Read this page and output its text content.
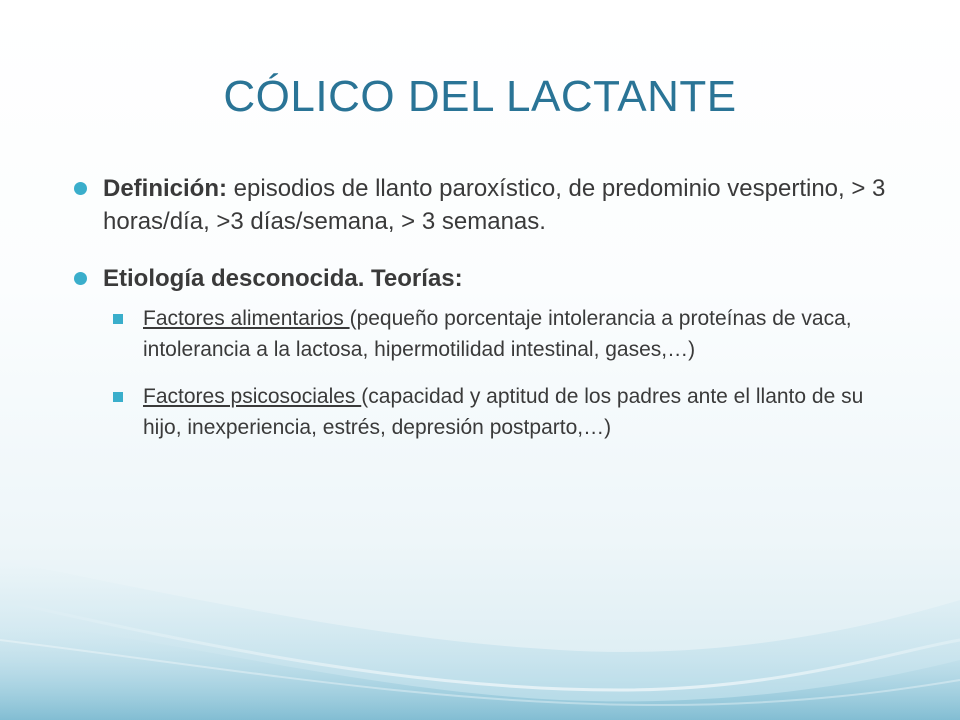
CÓLICO DEL LACTANTE
Definición: episodios de llanto paroxístico, de predominio vespertino, > 3 horas/día, >3 días/semana, > 3 semanas.
Etiología desconocida. Teorías:
Factores alimentarios (pequeño porcentaje intolerancia a proteínas de vaca, intolerancia a la lactosa, hipermotilidad intestinal, gases,…)
Factores psicosociales (capacidad y aptitud de los padres ante el llanto de su hijo, inexperiencia, estrés, depresión postparto,…)
